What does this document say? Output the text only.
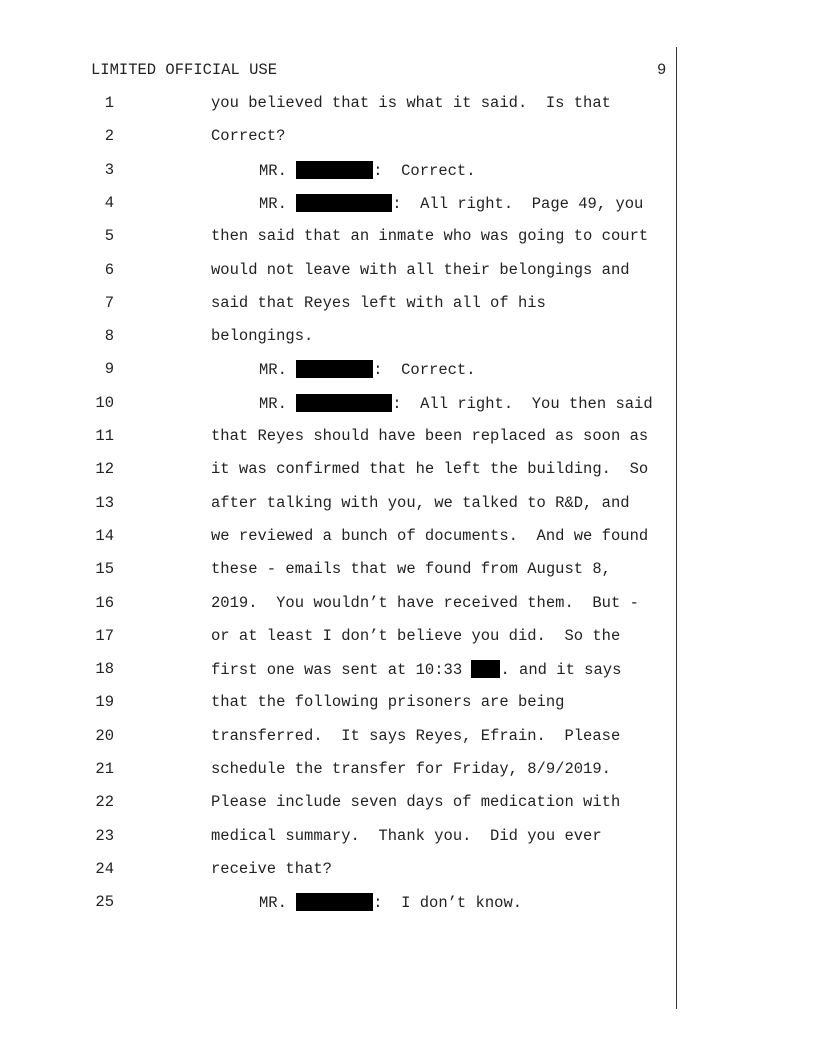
LIMITED OFFICIAL USE	9
1	you believed that is what it said.  Is that
2	Correct?
3	MR.	:  Correct.
4	MR.	:  All right.  Page 49, you
5	then said that an inmate who was going to court
6	would not leave with all their belongings and
7	said that Reyes left with all of his
8	belongings.
9	MR.	:  Correct.
10	MR.	:  All right.  You then said
11	that Reyes should have been replaced as soon as
12	it was confirmed that he left the building.  So
13	after talking with you, we talked to R&D, and
14	we reviewed a bunch of documents.  And we found
15	these - emails that we found from August 8,
16	2019.  You wouldn’t have received them.  But -
17	or at least I don’t believe you did.  So the
18	first one was sent at 10:33 . and it says
19	that the following prisoners are being
20	transferred.  It says Reyes, Efrain.  Please
21	schedule the transfer for Friday, 8/9/2019.
22	Please include seven days of medication with
23	medical summary.  Thank you.  Did you ever
24	receive that?
25	MR.	:  I don’t know.
